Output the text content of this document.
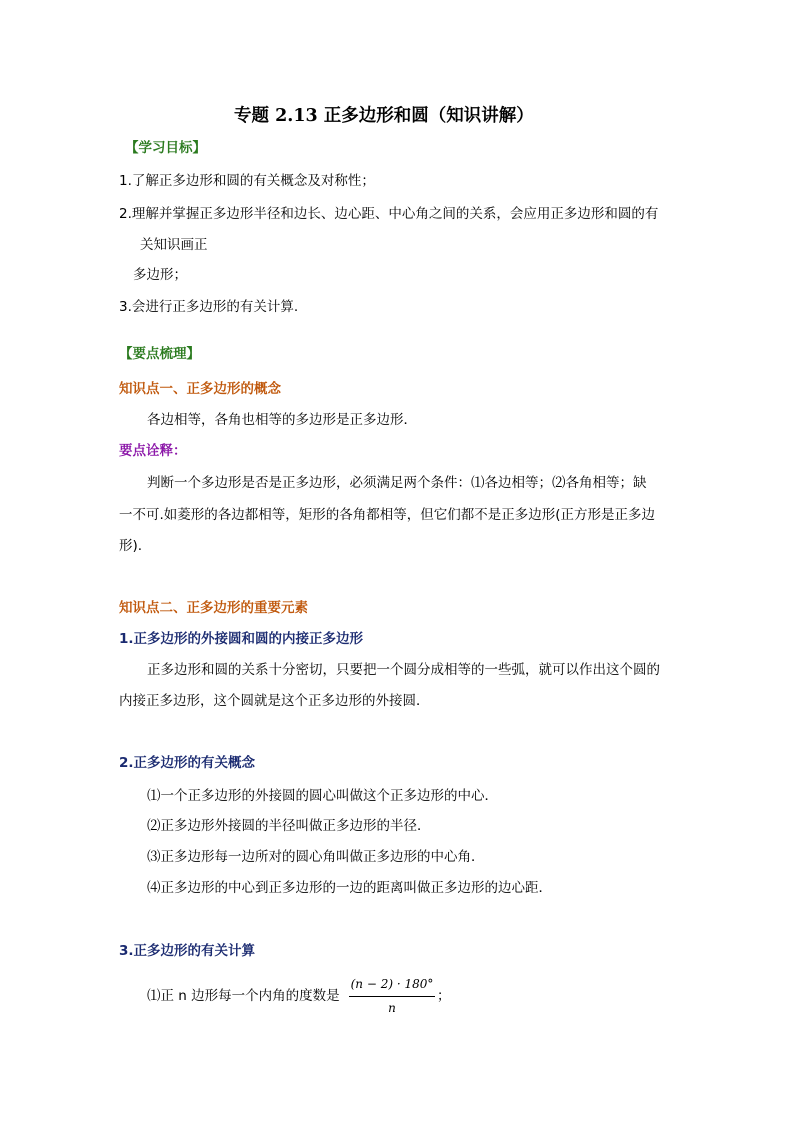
专题 2.13 正多边形和圆（知识讲解）
【学习目标】
1.了解正多边形和圆的有关概念及对称性；
2.理解并掌握正多边形半径和边长、边心距、中心角之间的关系，会应用正多边形和圆的有
关知识画正
多边形；
3.会进行正多边形的有关计算.
【要点梳理】
知识点一、正多边形的概念
各边相等，各角也相等的多边形是正多边形．
要点诠释：
判断一个多边形是否是正多边形，必须满足两个条件：⑴各边相等；⑵各角相等；缺
一不可.如菱形的各边都相等，矩形的各角都相等，但它们都不是正多边形(正方形是正多边
形).
知识点二、正多边形的重要元素
1.正多边形的外接圆和圆的内接正多边形
正多边形和圆的关系十分密切，只要把一个圆分成相等的一些弧，就可以作出这个圆的
内接正多边形，这个圆就是这个正多边形的外接圆．
2.正多边形的有关概念
⑴一个正多边形的外接圆的圆心叫做这个正多边形的中心．
⑵正多边形外接圆的半径叫做正多边形的半径．
⑶正多边形每一边所对的圆心角叫做正多边形的中心角．
⑷正多边形的中心到正多边形的一边的距离叫做正多边形的边心距．
3.正多边形的有关计算
⑴正 n 边形每一个内角的度数是
(n − 2) · 180°
n
；
